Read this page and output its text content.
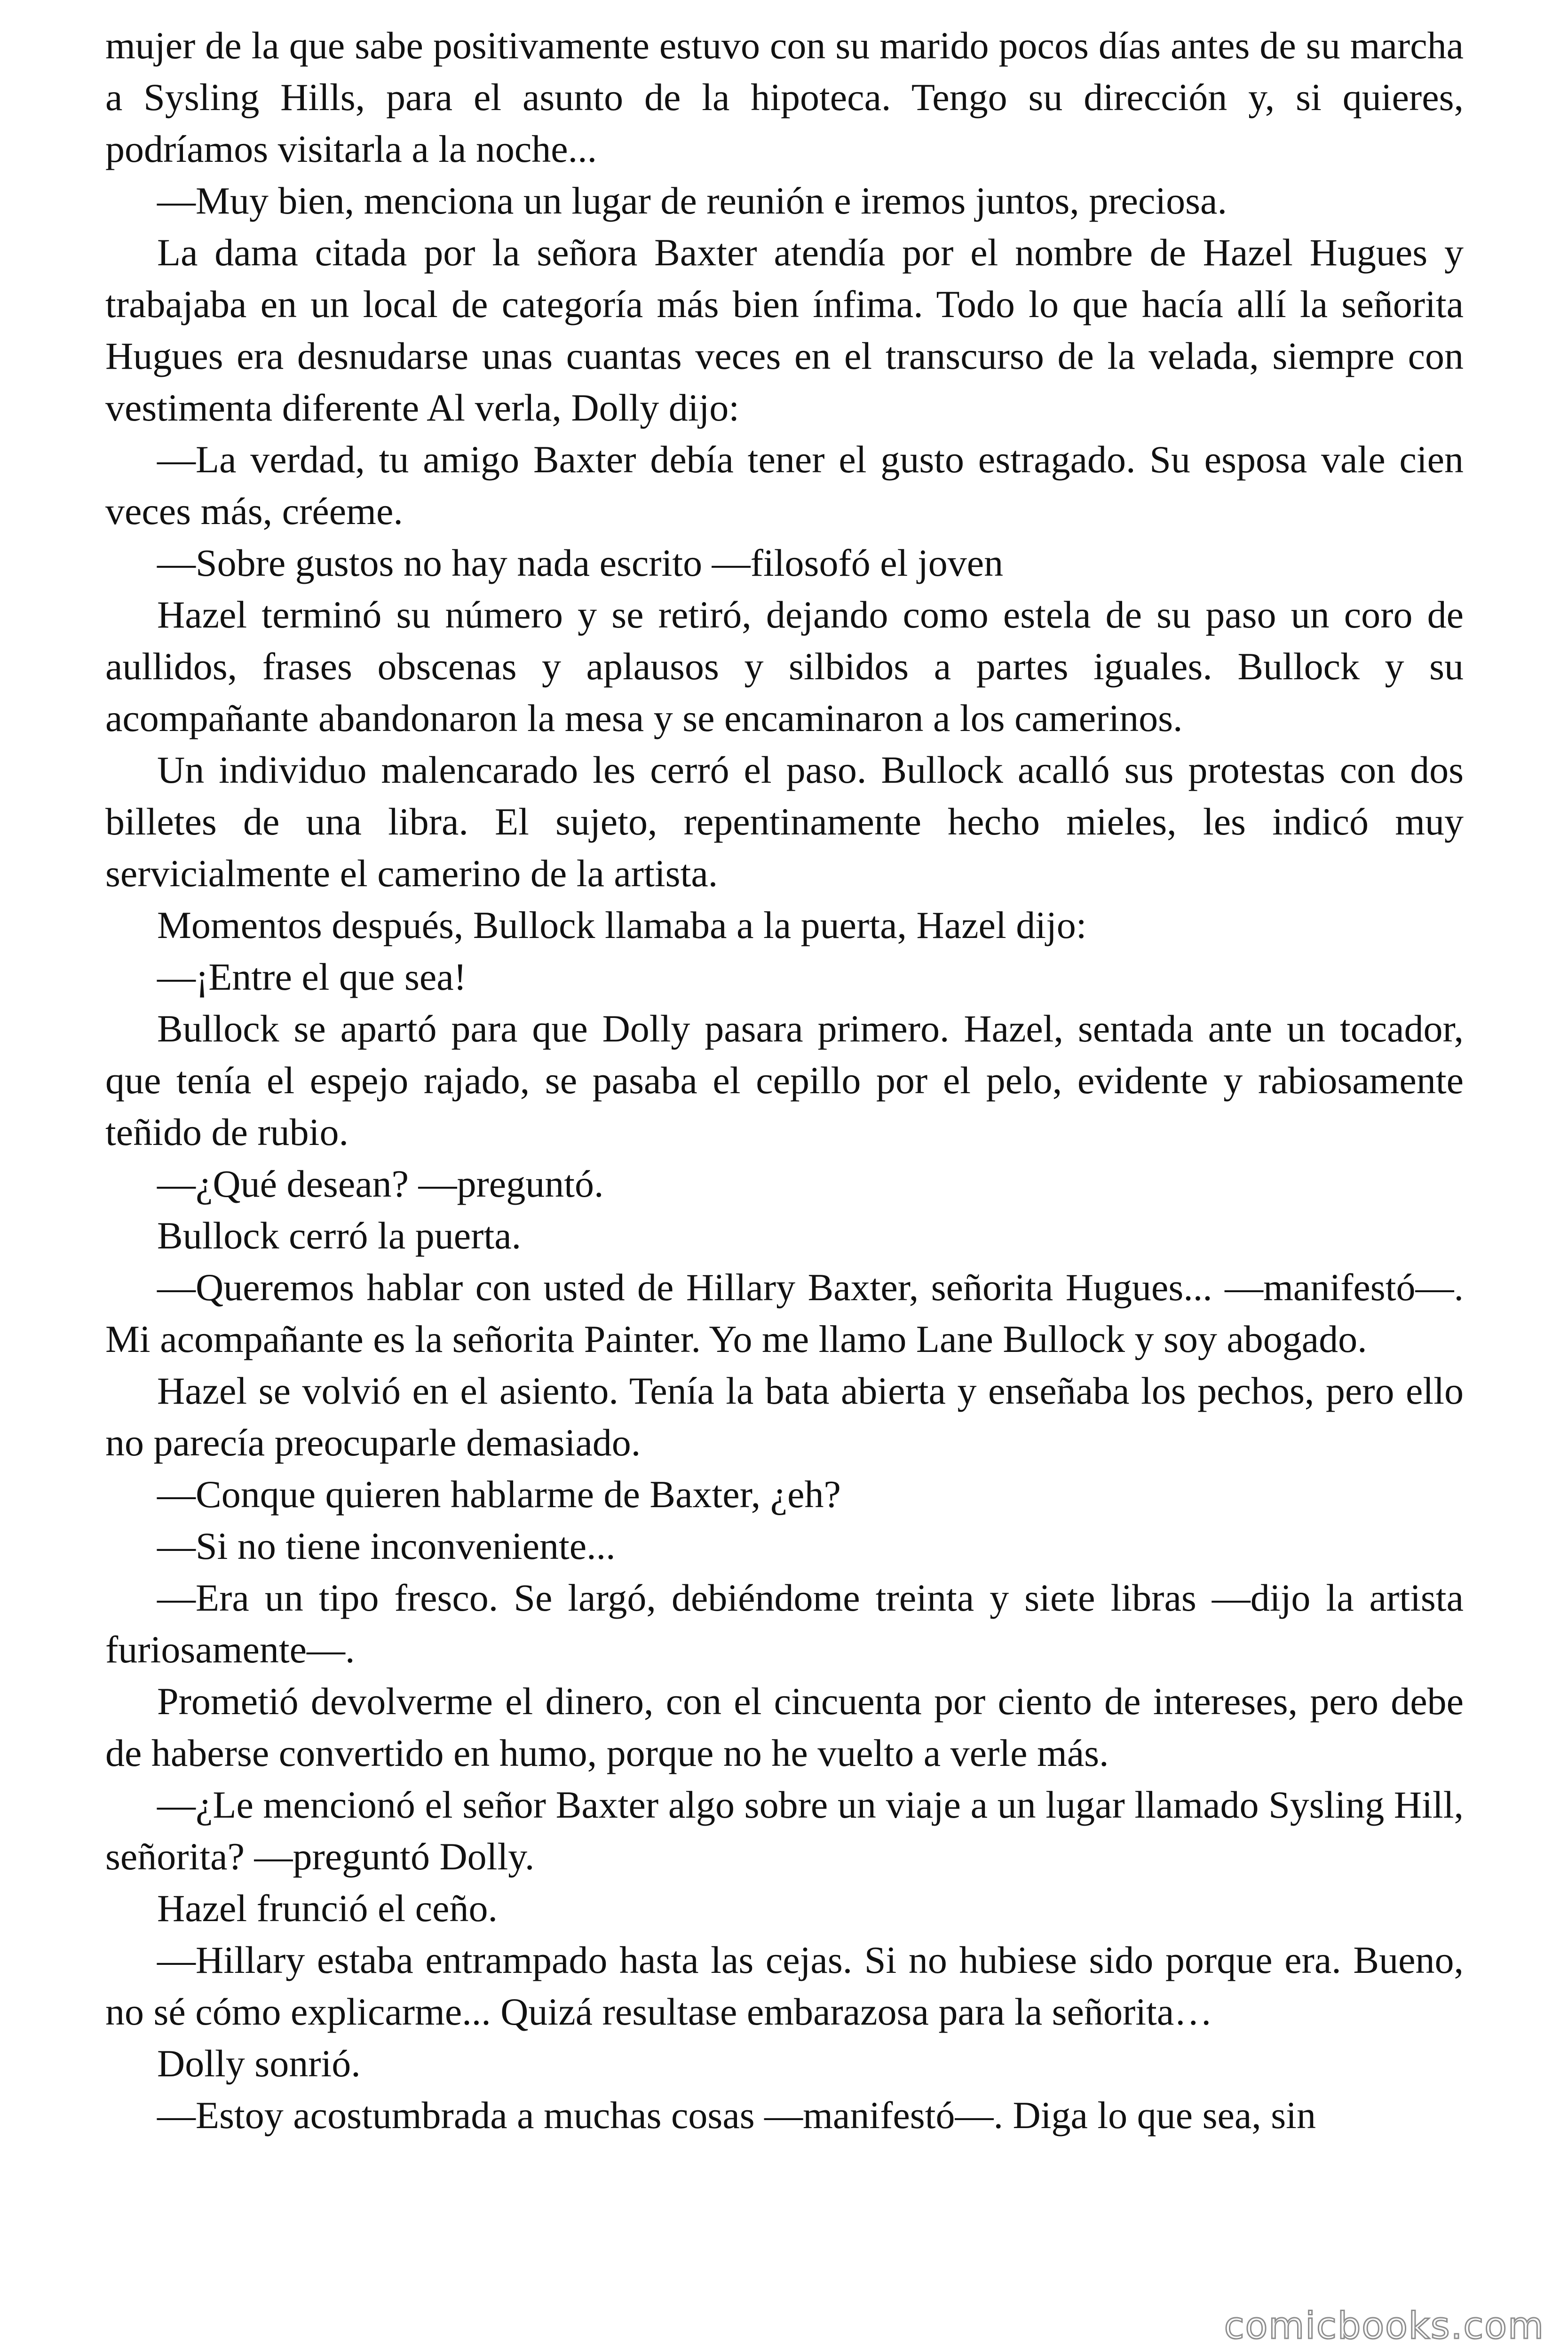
mujer de la que sabe positivamente estuvo con su marido pocos días antes de su marcha a Sysling Hills, para el asunto de la hipoteca. Tengo su dirección y, si quieres, podríamos visitarla a la noche...

—Muy bien, menciona un lugar de reunión e iremos juntos, preciosa.

La dama citada por la señora Baxter atendía por el nombre de Hazel Hugues y trabajaba en un local de categoría más bien ínfima. Todo lo que hacía allí la señorita Hugues era desnudarse unas cuantas veces en el transcurso de la velada, siempre con vestimenta diferente Al verla, Dolly dijo:

—La verdad, tu amigo Baxter debía tener el gusto estragado. Su esposa vale cien veces más, créeme.

—Sobre gustos no hay nada escrito —filosofó el joven

Hazel terminó su número y se retiró, dejando como estela de su paso un coro de aullidos, frases obscenas y aplausos y silbidos a partes iguales. Bullock y su acompañante abandonaron la mesa y se encaminaron a los camerinos.

Un individuo malencarado les cerró el paso. Bullock acalló sus protestas con dos billetes de una libra. El sujeto, repentinamente hecho mieles, les indicó muy servicialmente el camerino de la artista.

Momentos después, Bullock llamaba a la puerta, Hazel dijo:

—¡Entre el que sea!

Bullock se apartó para que Dolly pasara primero. Hazel, sentada ante un tocador, que tenía el espejo rajado, se pasaba el cepillo por el pelo, evidente y rabiosamente teñido de rubio.

—¿Qué desean? —preguntó.

Bullock cerró la puerta.

—Queremos hablar con usted de Hillary Baxter, señorita Hugues... —manifestó—. Mi acompañante es la señorita Painter. Yo me llamo Lane Bullock y soy abogado.

Hazel se volvió en el asiento. Tenía la bata abierta y enseñaba los pechos, pero ello no parecía preocuparle demasiado.

—Conque quieren hablarme de Baxter, ¿eh?

—Si no tiene inconveniente...

—Era un tipo fresco. Se largó, debiéndome treinta y siete libras —dijo la artista furiosamente—.

Prometió devolverme el dinero, con el cincuenta por ciento de intereses, pero debe de haberse convertido en humo, porque no he vuelto a verle más.

—¿Le mencionó el señor Baxter algo sobre un viaje a un lugar llamado Sysling Hill, señorita? —preguntó Dolly.

Hazel frunció el ceño.

—Hillary estaba entrampado hasta las cejas. Si no hubiese sido porque era. Bueno, no sé cómo explicarme... Quizá resultase embarazosa para la señorita…

Dolly sonrió.

—Estoy acostumbrada a muchas cosas —manifestó—. Diga lo que sea, sin

comicbooks.com
